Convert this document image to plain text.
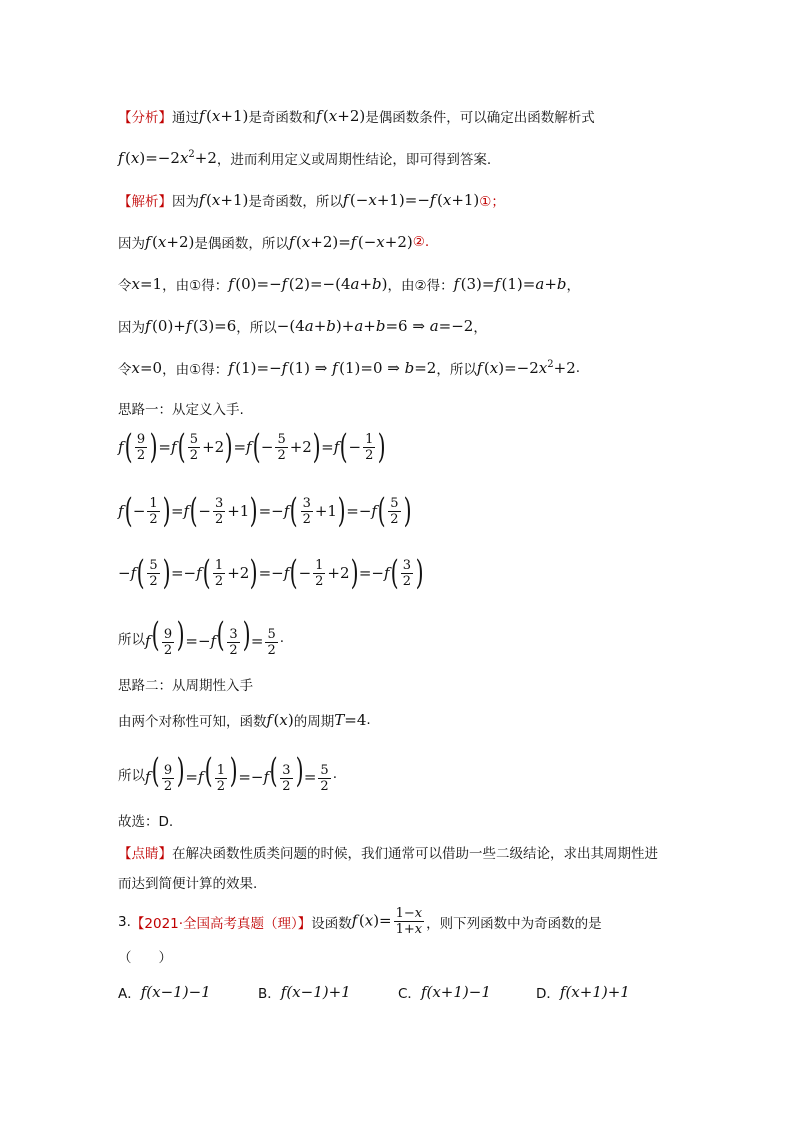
【分析】 通过 f (x+1) 是奇函数和 f (x+2) 是偶函数条件，可以确定出函数解析式
f $(x)=-2x^2+2$ ，进而利用定义或周期性结论，即可得到答案.
【解析】 因为 f (x+1) 是奇函数，所以 f (−x+1)=−f (x+1) ①；
因为 f (x+2) 是偶函数，所以 f (x+2)=f (−x+2) ②.
令 x=1 ，由①得： f (0)=−f (2)=−(4a+b) ，由②得： f (3)=f (1)=a+b ，
因为 f (0)+f (3)=6 ，所以 −(4a+b)+a+b=6 ⇒ a=−2 ，
令 x=0 ，由①得： f (1)=−f (1) ⇒ f (1)=0 ⇒ b=2 ，所以 f $(x)=-2x^2+2$ .
思路一：从定义入手.
f ( $\frac{9}{2}$ ) = f ( $\frac{5}{2} +2$ ) = f ( − $\frac{5}{2} +2$ ) = f ( − $\frac{1}{2}$ )
f ( − $\frac{1}{2}$ ) = f ( − $\frac{3}{2} +1$ ) =− f ( $\frac{3}{2} +1$ ) =− f ( $\frac{5}{2}$ )
− f ( $\frac{5}{2}$ ) =− f ( $\frac{1}{2} +2$ ) =− f ( − $\frac{1}{2} +2$ ) =− f ( $\frac{3}{2}$ )
所以 $f( \frac{9}{2} )=-f( \frac{3}{2}$ )= $\frac{5}{2}$ .
思路二：从周期性入手
由两个对称性可知，函数 f (x) 的周期 T=4 .
所以 $f( \frac{9}{2} )=f( \frac{1}{2} )=-f( \frac{3}{2}$ )= $\frac{5}{2}$ .
故选：D.
【点睛】 在解决函数性质类问题的时候，我们通常可以借助一些二级结论，求出其周期性进
而达到简便计算的效果.
3. 【2021·全国高考真题（理）】 设函数 f $(x)= \frac{1-x}{1+x}$ ，则下列函数中为奇函数的是
（　　）
A． f(x−1)−1	B． f(x−1)+1	C． f(x+1)−1	D． f(x+1)+1
